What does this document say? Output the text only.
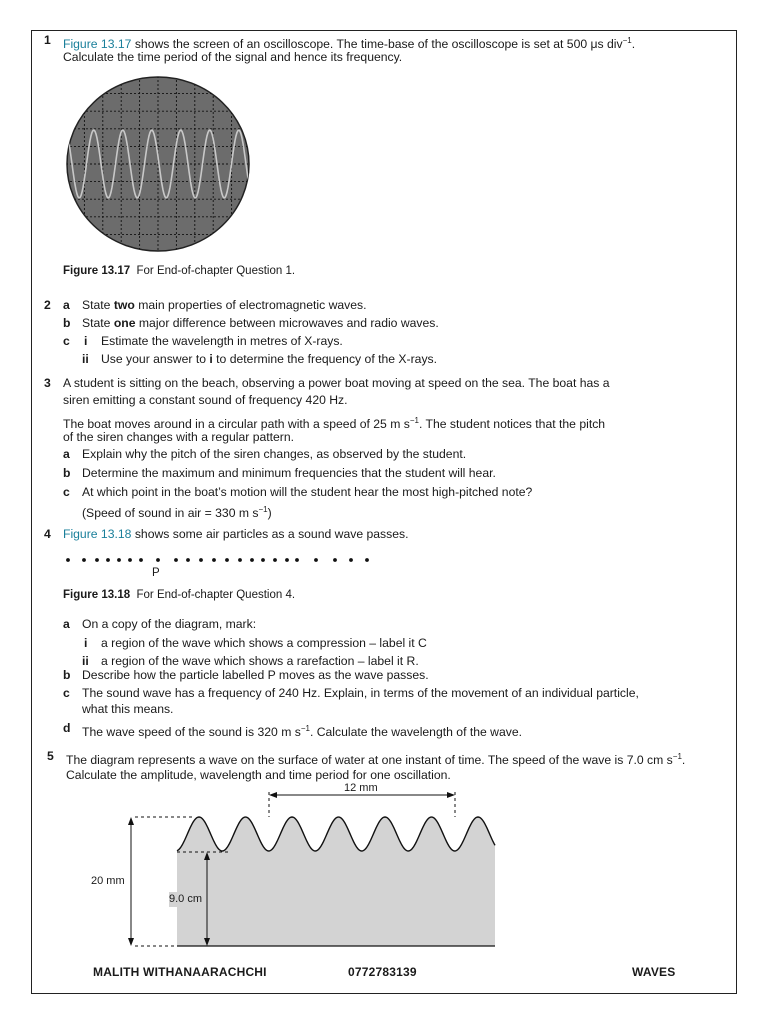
1 Figure 13.17 shows the screen of an oscilloscope. The time-base of the oscilloscope is set at 500 μs div$^{-1}$.
Calculate the time period of the signal and hence its frequency.
Figure 13.17 For End-of-chapter Question 1.
2 a State two main properties of electromagnetic waves.
b State one major difference between microwaves and radio waves.
c i Estimate the wavelength in metres of X-rays.
ii Use your answer to i to determine the frequency of the X-rays.
3 A student is sitting on the beach, observing a power boat moving at speed on the sea. The boat has a
siren emitting a constant sound of frequency 420 Hz.
The boat moves around in a circular path with a speed of 25 m $s^{-1}$. The student notices that the pitch
of the siren changes with a regular pattern.
a Explain why the pitch of the siren changes, as observed by the student.
b Determine the maximum and minimum frequencies that the student will hear.
c At which point in the boat’s motion will the student hear the most high-pitched note?
(Speed of sound in air = 330 m $s^{-1}$)
4 Figure 13.18 shows some air particles as a sound wave passes.
P
Figure 13.18 For End-of-chapter Question 4.
a On a copy of the diagram, mark:
i a region of the wave which shows a compression – label it C
ii a region of the wave which shows a rarefaction – label it R.
b Describe how the particle labelled P moves as the wave passes.
c The sound wave has a frequency of 240 Hz. Explain, in terms of the movement of an individual particle,
what this means.
d The wave speed of the sound is 320 m $s^{-1}$. Calculate the wavelength of the wave.
5 The diagram represents a wave on the surface of water at one instant of time. The speed of the wave is 7.0 cm $s^{-1}$.
Calculate the amplitude, wavelength and time period for one oscillation.
12 mm
20 mm
9.0 cm
MALITH WITHANAARACHCHI	0772783139	WAVES
